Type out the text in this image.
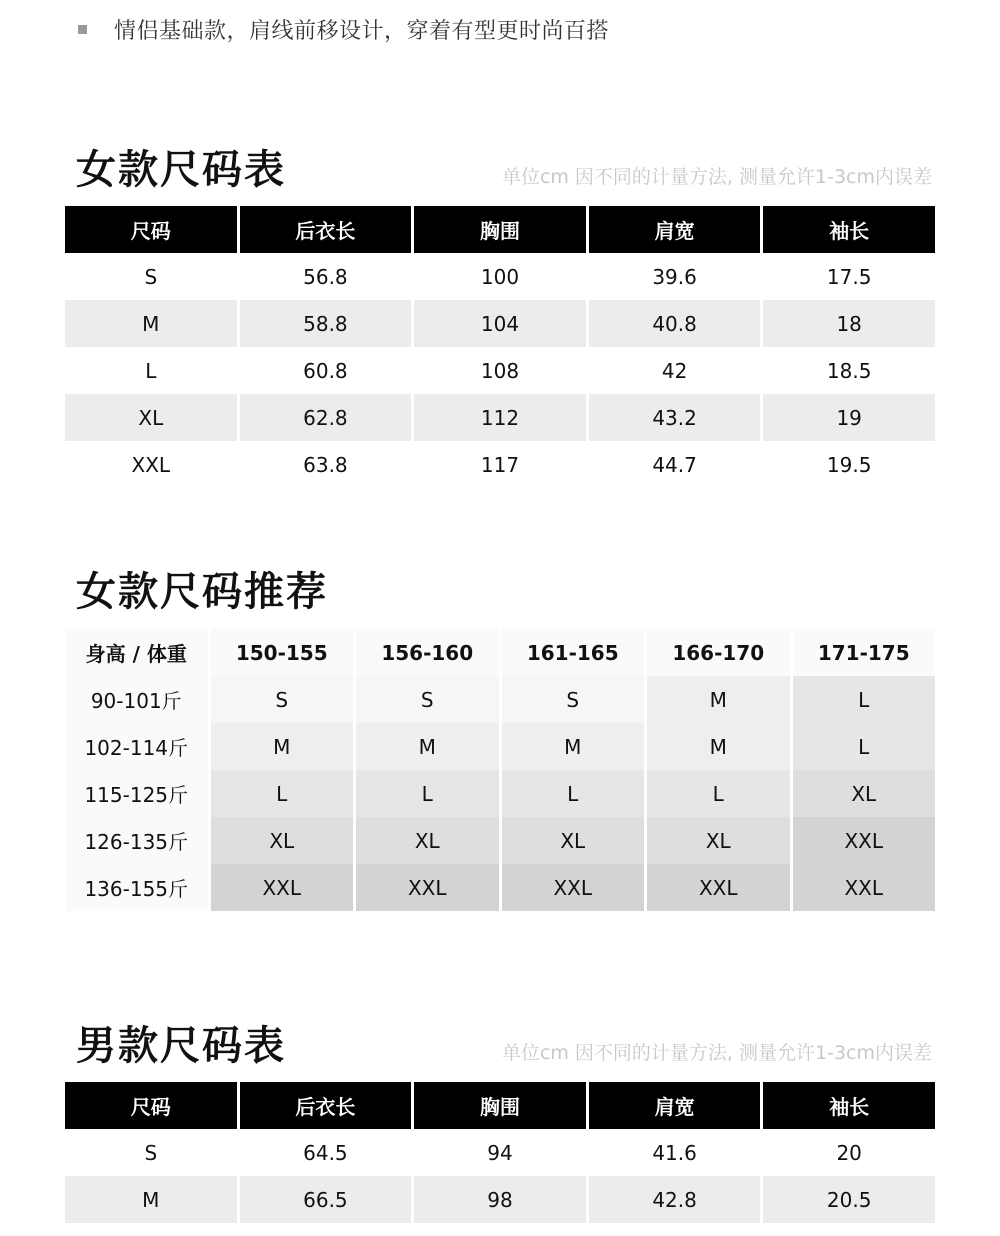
情侣基础款，肩线前移设计，穿着有型更时尚百搭
女款尺码表	单位cm 因不同的计量方法, 测量允许1-3cm内误差
尺码	后衣长	胸围	肩宽	袖长
S	56.8	100	39.6	17.5
M	58.8	104	40.8	18
L	60.8	108	42	18.5
XL	62.8	112	43.2	19
XXL	63.8	117	44.7	19.5
女款尺码推荐
身高 / 体重	150-155	156-160	161-165	166-170	171-175
90-101斤	S	S	S	M	L
102-114斤	M	M	M	M	L
115-125斤	L	L	L	L	XL
126-135斤	XL	XL	XL	XL	XXL
136-155斤	XXL	XXL	XXL	XXL	XXL
男款尺码表	单位cm 因不同的计量方法, 测量允许1-3cm内误差
尺码	后衣长	胸围	肩宽	袖长
S	64.5	94	41.6	20
M	66.5	98	42.8	20.5
